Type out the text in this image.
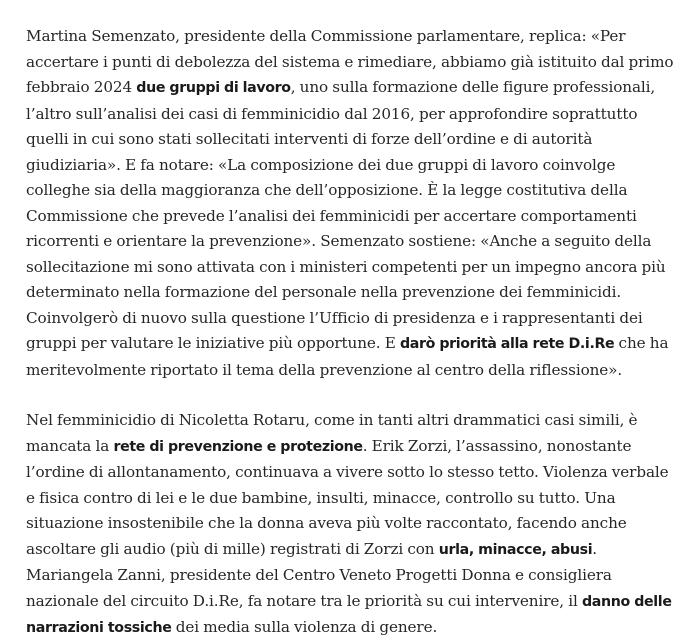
Martina Semenzato, presidente della Commissione parlamentare, replica: «Per accertare i punti di debolezza del sistema e rimediare, abbiamo già istituito dal primo febbraio 2024 due gruppi di lavoro, uno sulla formazione delle figure professionali, l’altro sull’analisi dei casi di femminicidio dal 2016, per approfondire soprattutto quelli in cui sono stati sollecitati interventi di forze dell’ordine e di autorità giudiziaria». E fa notare: «La composizione dei due gruppi di lavoro coinvolge colleghe sia della maggioranza che dell’opposizione. È la legge costitutiva della Commissione che prevede l’analisi dei femminicidi per accertare comportamenti ricorrenti e orientare la prevenzione». Semenzato sostiene: «Anche a seguito della sollecitazione mi sono attivata con i ministeri competenti per un impegno ancora più determinato nella formazione del personale nella prevenzione dei femminicidi. Coinvolgerò di nuovo sulla questione l’Ufficio di presidenza e i rappresentanti dei gruppi per valutare le iniziative più opportune. E darò priorità alla rete D.i.Re che ha meritevolmente riportato il tema della prevenzione al centro della riflessione».

Nel femminicidio di Nicoletta Rotaru, come in tanti altri drammatici casi simili, è mancata la rete di prevenzione e protezione. Erik Zorzi, l’assassino, nonostante l’ordine di allontanamento, continuava a vivere sotto lo stesso tetto. Violenza verbale e fisica contro di lei e le due bambine, insulti, minacce, controllo su tutto. Una situazione insostenibile che la donna aveva più volte raccontato, facendo anche ascoltare gli audio (più di mille) registrati di Zorzi con urla, minacce, abusi. Mariangela Zanni, presidente del Centro Veneto Progetti Donna e consigliera nazionale del circuito D.i.Re, fa notare tra le priorità su cui intervenire, il danno delle narrazioni tossiche dei media sulla violenza di genere.
